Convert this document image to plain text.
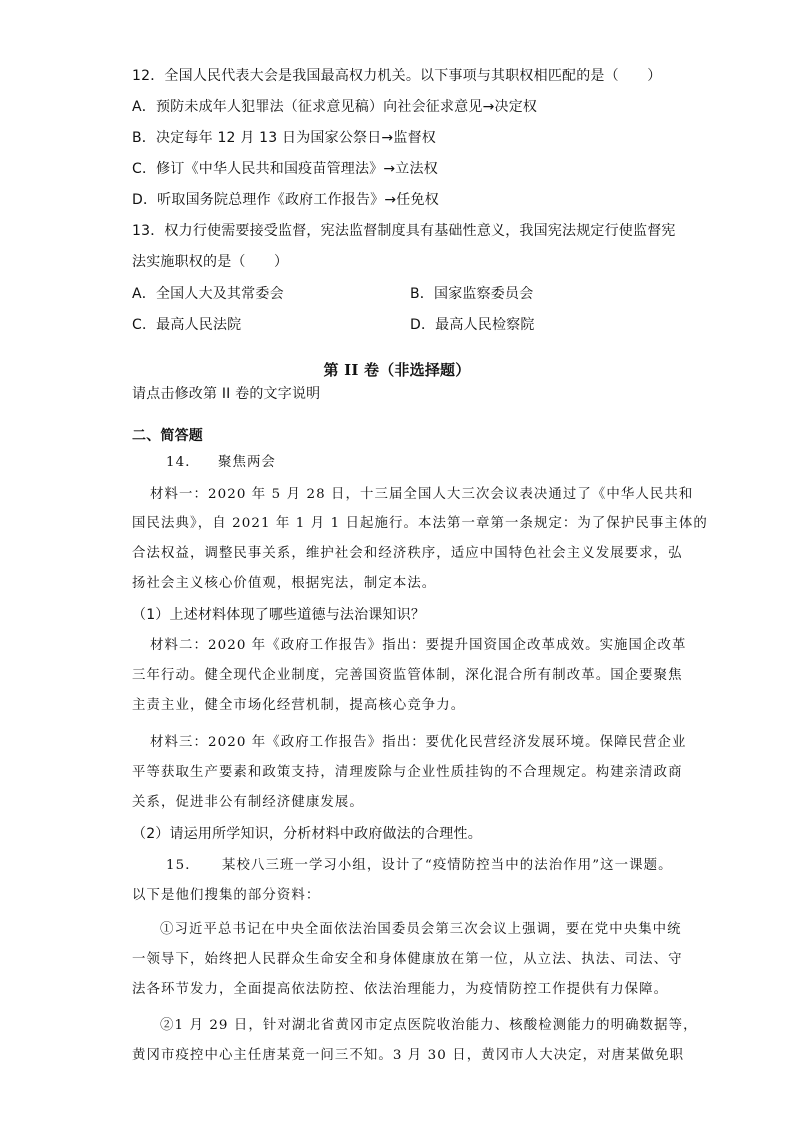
12．全国人民代表大会是我国最高权力机关。以下事项与其职权相匹配的是（　　）
A．预防未成年人犯罪法（征求意见稿）向社会征求意见→决定权
B．决定每年 12 月 13 日为国家公祭日→监督权
C．修订《中华人民共和国疫苗管理法》→立法权
D．听取国务院总理作《政府工作报告》→任免权
13．权力行使需要接受监督，宪法监督制度具有基础性意义，我国宪法规定行使监督宪
法实施职权的是（　　）
A．全国人大及其常委会	B．国家监察委员会
C．最高人民法院	D．最高人民检察院
第 II 卷（非选择题）
请点击修改第 II 卷的文字说明
二、简答题
14． 聚焦两会
材料一：2020 年 5 月 28 日，十三届全国人大三次会议表决通过了《中华人民共和
国民法典》，自 2021 年 1 月 1 日起施行。本法第一章第一条规定：为了保护民事主体的
合法权益，调整民事关系，维护社会和经济秩序，适应中国特色社会主义发展要求，弘
扬社会主义核心价值观，根据宪法，制定本法。
（1）上述材料体现了哪些道德与法治课知识？
材料二：2020 年《政府工作报告》指出：要提升国资国企改革成效。实施国企改革
三年行动。健全现代企业制度，完善国资监管体制，深化混合所有制改革。国企要聚焦
主责主业，健全市场化经营机制，提高核心竞争力。
材料三：2020 年《政府工作报告》指出：要优化民营经济发展环境。保障民营企业
平等获取生产要素和政策支持，清理废除与企业性质挂钩的不合理规定。构建亲清政商
关系，促进非公有制经济健康发展。
（2）请运用所学知识，分析材料中政府做法的合理性。
15． 某校八三班一学习小组，设计了“疫情防控当中的法治作用”这一课题。
以下是他们搜集的部分资料：
①习近平总书记在中央全面依法治国委员会第三次会议上强调，要在党中央集中统
一领导下，始终把人民群众生命安全和身体健康放在第一位，从立法、执法、司法、守
法各环节发力，全面提高依法防控、依法治理能力，为疫情防控工作提供有力保障。
②1 月 29 日，针对湖北省黄冈市定点医院收治能力、核酸检测能力的明确数据等，
黄冈市疫控中心主任唐某竟一问三不知。3 月 30 日，黄冈市人大决定，对唐某做免职
